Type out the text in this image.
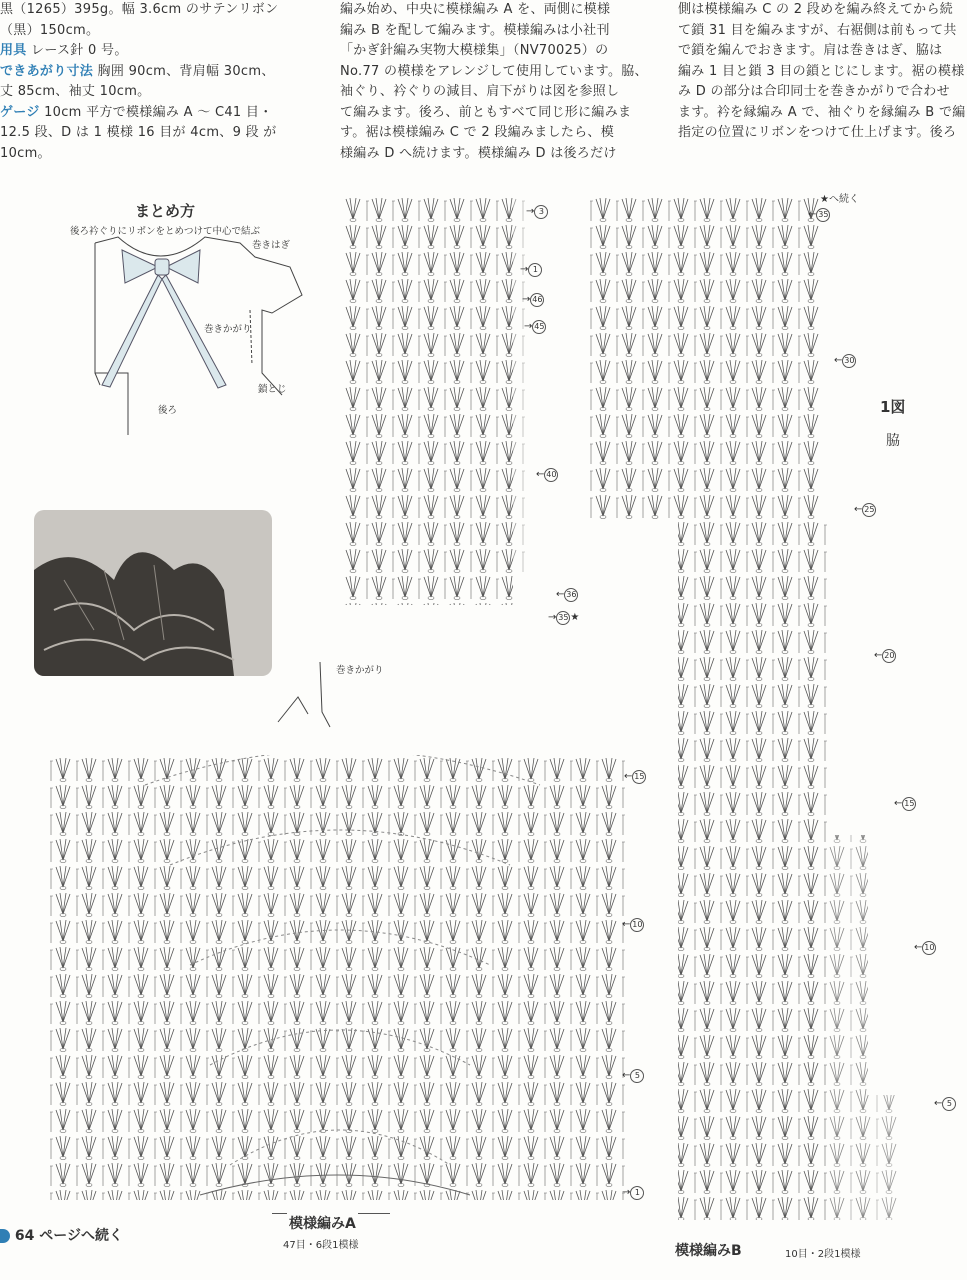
黒（1265）395g。幅 3.6cm のサテンリボン
（黒）150cm。
用具 レース針 0 号。
できあがり寸法 胸囲 90cm、背肩幅 30cm、
丈 85cm、袖丈 10cm。
ゲージ 10cm 平方で模様編み A ～ C41 目・
12.5 段、D は 1 模様 16 目が 4cm、9 段 が
10cm。
編み始め、中央に模様編み A を、両側に模様
編み B を配して編みます。模様編みは小社刊
「かぎ針編み実物大模様集」（NV70025）の
No.77 の模様をアレンジして使用しています。脇、
袖ぐり、衿ぐりの減目、肩下がりは図を参照し
て編みます。後ろ、前ともすべて同じ形に編みま
す。裾は模様編み C で 2 段編みましたら、模
様編み D へ続けます。模様編み D は後ろだけ
側は模様編み C の 2 段めを編み終えてから続
て鎖 31 目を編みますが、右裾側は前もって共
で鎖を編んでおきます。肩は巻きはぎ、脇は
編み 1 目と鎖 3 目の鎖とじにします。裾の模様
み D の部分は合印同士を巻きかがりで合わせ
ます。衿を縁編み A で、袖ぐりを縁編み B で編
指定の位置にリボンをつけて仕上げます。後ろ
まとめ方
後ろ衿ぐりにリボンをとめつけて中心で結ぶ
巻きはぎ
巻きかがり
鎖とじ
後ろ
巻きかがり
→ 3
→ 1
→ 46
→ 45
← 40
← 36
→ 35 ★
★へ続く
← 35
← 30
← 25
← 20
← 15
← 10
← 5
1図
脇
← 15
← 10
← 5
→ 1
模様編みA
47目・6段1模様	模様編みB	10目・2段1模様
64 ページへ続く
